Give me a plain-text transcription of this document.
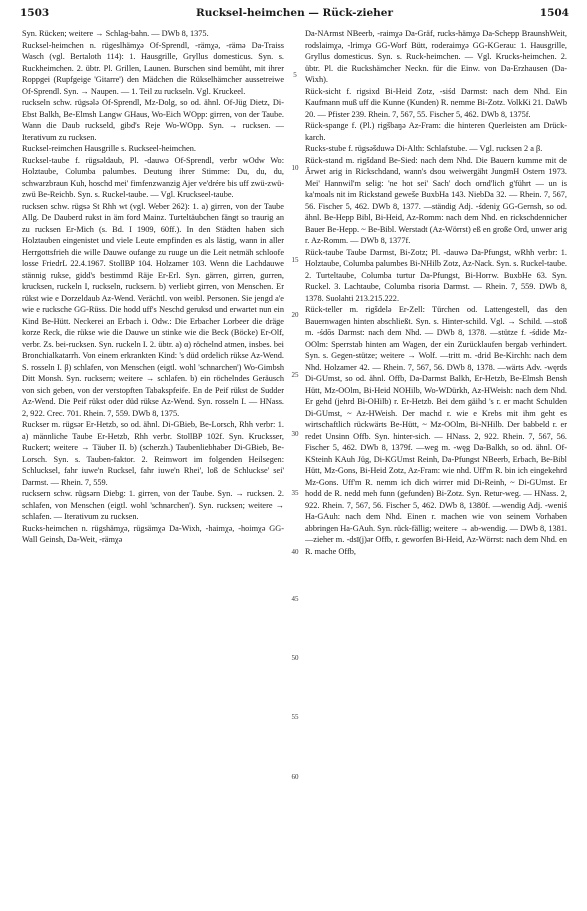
1503	Rucksel-heimchen — Rück-zieher	1504

Syn. Rücken; weitere → Schlag-bahn. — DWb 8, 1375.

Rucksel-heimchen n. rügeslhämχə Of-Sprendl, -rämχə, -rämə Da-Traiss Wasch (vgl. Bertaloth 114): 1. Hausgrille, Gryllus domesticus. Syn. s. Ruckheimchen. 2. übtr. Pl. Grillen, Launen. Burschen sind bemüht, mit ihrer Roppgei (Rupfgeige 'Gitarre') den Mädchen die Rükselhämcher aussetreiwe Of-Sprendl. Syn. → Naupen. — 1. Teil zu ruckseln. Vgl. Kruckeel.

ruckseln schw. rügsələ Of-Sprendl, Mz-Dolg, so od. ähnl. Of-Jüg Dietz, Di-Ebst Balkh, Be-Elmsh Langw GHaus, Wo-Eich WOpp: girren, von der Taube. Wann die Daub ruckseld, gibd's Reje Wo-WOpp. Syn. → rucksen. — Iterativum zu rucksen.

Rucksel-reimchen Hausgrille s. Ruckseel-heimchen.

Rucksel-taube f. rügsəldaub, Pl. -dauwə Of-Sprendl, verbr wOdw Wo: Holztaube, Columba palumbes. Deutung ihrer Stimme: Du, du, du, schwarzbraun Kuh, hoschd mei' fimfenzwanzig Ajer ve'drére bis uff zwü-zwü-zwü Be-Reichb. Syn. s. Ruckel-taube. — Vgl. Kruckseel-taube.

rucksen schw. rügsə St Rhh wt (vgl. Weber 262): 1. a) girren, von der Taube Allg. De Dauberd rukst in äm ford Mainz. Turteltäubchen fängt so traurig an zu rucksen Er-Mich (s. Bd. I 1909, 60ff.). In den Städten haben sich Holztauben eingenistet und viele Leute empfinden es als lästig, wann in aller Herrgottsfrieh die wille Dauwe oufange zu ruuge un die Leit netmäh schloofe losse FriedrL 22.4.1967. StollBP 104. Holzamer 103. Wenn die Lachdauwe stännig rukse, gidd's bestimmd Räje Er-Erl. Syn. gärren, girren, gurren, krucksen, ruckeln I, ruckseln, rucksern. b) verliebt girren, von Menschen. Er rükst wie e Dorzeldaub Az-Wend. Verächtl. von weibl. Personen. Sie jengd a'e wie e rucksche GG-Rüss. Die hodd uff's Neschd geruksd und erwartet nun ein Kind Be-Hütt. Neckerei an Erbach i. Odw.: Die Erbacher Lorbeer die dräge korze Reck, die rükse wie die Dauwe un stinke wie die Beck (Böcke) Er-Olf, verbr. Zs. bei-rucksen. Syn. ruckeln I. 2. übtr. a) α) röchelnd atmen, insbes. bei Bronchialkatarrh. Von einem erkrankten Kind: 's düd ordelich rükse Az-Wend. S. rosseln I. β) schlafen, von Menschen (eigtl. wohl 'schnarchen') Wo-Gimbsh Ditt Monsh. Syn. rucksern; weitere → schlafen. b) ein röchelndes Geräusch von sich geben, von der verstopften Tabakspfeife. En de Peif rükst de Sudder Az-Wend. Die Peif rükst oder düd rükse Az-Wend. Syn. rosseln I. — HNass. 2, 922. Crec. 701. Rhein. 7, 559. DWb 8, 1375.

Ruckser m. rügsər Er-Hetzb, so od. ähnl. Di-GBieb, Be-Lorsch, Rhh verbr: 1. a) männliche Taube Er-Hetzb, Rhh verbr. StollBP 102f. Syn. Krucksser, Ruckert; weitere → Täuber II. b) (scherzh.) Taubenliebhaber Di-GBieb, Be-Lorsch. Syn. s. Tauben-faktor. 2. Reimwort im folgenden Heilsegen: Schlucksel, fahr iuwe'n Rucksel, fahr iuwe'n Rhei', loß de Schluckse' sei' Darmst. — Rhein. 7, 559.

rucksern schw. rügsərn Diebg: 1. girren, von der Taube. Syn. → rucksen. 2. schlafen, von Menschen (eigtl. wohl 'schnarchen'). Syn. rucksen; weitere → schlafen. — Iterativum zu rucksen.

Rucks-heimchen n. rügshämχə, rügsämχə Da-Wixh, -haimχə, -hoimχə GG-Wall Geinsh, Da-Weit, -rämχə

5
10
15
20
25
30
35
40
45
50
55
60

Da-NArmst NBeerb, -raimχə Da-Gräf, rucks-hämχə Da-Schepp BraunshWeit, rodslaimχə, -lrimχə GG-Worf Bütt, roderaimχə GG-KGerau: 1. Hausgrille, Gryllus domesticus. Syn. s. Ruck-heimchen. — Vgl. Krucks-heimchen. 2. übtr. Pl. die Ruckshämcher Neckn. für die Einw. von Da-Erzhausen (Da-Wixh).

Rück-sicht f. rigsixd Bi-Heid Zotz, -siśd Darmst: nach dem Nhd. Ein Kaufmann muß uff die Kunne (Kunden) R. nemme Bi-Zotz. VolkKi 21. DaWb 20. — Pfister 239. Rhein. 7, 567, 55. Fischer 5, 462. DWb 8, 1375f.

Rück-spange f. (Pl.) rigšbaŋə Az-Fram: die hinteren Querleisten am Drück-karch.

Rucks-stube f. rügsəšduwə Di-Alth: Schlafstube. — Vgl. rucksen 2 a β.

Rück-stand m. rigšdand Be-Sied: nach dem Nhd. Die Bauern kumme mit de Ärwet arig in Rickschdand, wann's dsou weiwergäht JungmH Ostern 1973. Mei' Hannwil'm selig: 'ne hot sei' Sach' doch ornd'lich g'führt — un is ka'moals nit im Rickstand geweše BuxbHa 143. NiebDa 32. — Rhein. 7, 567, 56. Fischer 5, 462. DWb 8, 1377. —ständig Adj. -śdeniχ GG-Gernsh, so od. ähnl. Be-Hepp Bibl, Bi-Heid, Az-Romm: nach dem Nhd. en rickschdennicher Bauer Be-Hepp. ~ Be-Bibl. Werstadt (Az-Wörrst) eß en große Ord, unwer arig r. Az-Romm. — DWb 8, 1377f.

Rück-taube Taube Darmst, Bi-Zotz; Pl. -dauwə Da-Pfungst, wRhh verbr: 1. Holztaube, Columba palumbes Bi-NHilb Zotz, Az-Nack. Syn. s. Ruckel-taube. 2. Turteltaube, Columba turtur Da-Pfungst, Bi-Horrw. BuxbHe 63. Syn. Ruckel. 3. Lachtaube, Columba risoria Darmst. — Rhein. 7, 559. DWb 8, 1378. Suolahti 213.215.222.

Rück-teller m. rigšdelə Er-Zell: Türchen od. Lattengestell, das den Bauernwagen hinten abschließt. Syn. s. Hinter-schild. Vgl. → Schild. —stoß m. -śdōs Darmst: nach dem Nhd. — DWb 8, 1378. —stütze f. -śdide Mz-OOlm: Sperrstab hinten am Wagen, der ein Zurücklaufen bergab verhindert. Syn. s. Gegen-stütze; weitere → Wolf. —tritt m. -drid Be-Kirchh: nach dem Nhd. Holzamer 42. — Rhein. 7, 567, 56. DWb 8, 1378. —wärts Adv. -węrds Di-GUmst, so od. ähnl. Offb, Da-Darmst Balkh, Er-Hetzb, Be-Elmsh Bensh Hütt, Mz-OOlm, Bi-Heid NOHilb, Wo-WDürkh, Az-HWeish: nach dem Nhd. Er gehd (jehrd Bi-OHilb) r. Er-Hetzb. Bei dem gäihd 's r. er macht Schulden Di-GUmst, ~ Az-HWeish. Der machd r. wie e Krebs mit ihm geht es wirtschaftlich rückwärts Be-Hütt, ~ Mz-OOlm, Bi-NHilb. Der babbeld r. er redet Unsinn Offb. Syn. hinter-sich. — HNass. 2, 922. Rhein. 7, 567, 56. Fischer 5, 462. DWb 8, 1379f. —weg m. -węg Da-Balkh, so od. ähnl. Of-KSteinh KAuh Jüg, Di-KGUmst Reinh, Da-Pfungst NBeerb, Erbach, Be-Bibl Hütt, Mz-Gons, Bi-Heid Zotz, Az-Fram: wie nhd. Uff'm R. bin ich eingekehrd Mz-Gons. Uff'm R. nemm ich dich wirrer mid Di-Reinh, ~ Di-GUmst. Er hodd de R. nedd meh funn (gefunden) Bi-Zotz. Syn. Retur-weg. — HNass. 2, 922. Rhein. 7, 567, 56. Fischer 5, 462. DWb 8, 1380f. —wendig Adj. -weniś Ha-GAuh: nach dem Nhd. Einen r. machen wie von seinem Vorhaben abbringen Ha-GAuh. Syn. rück-fällig; weitere → ab-wendig. — DWb 8, 1381. —zieher m. -dsī(j)ər Offb, r. geworfen Bi-Heid, Az-Wörrst: nach dem Nhd. en R. mache Offb,
